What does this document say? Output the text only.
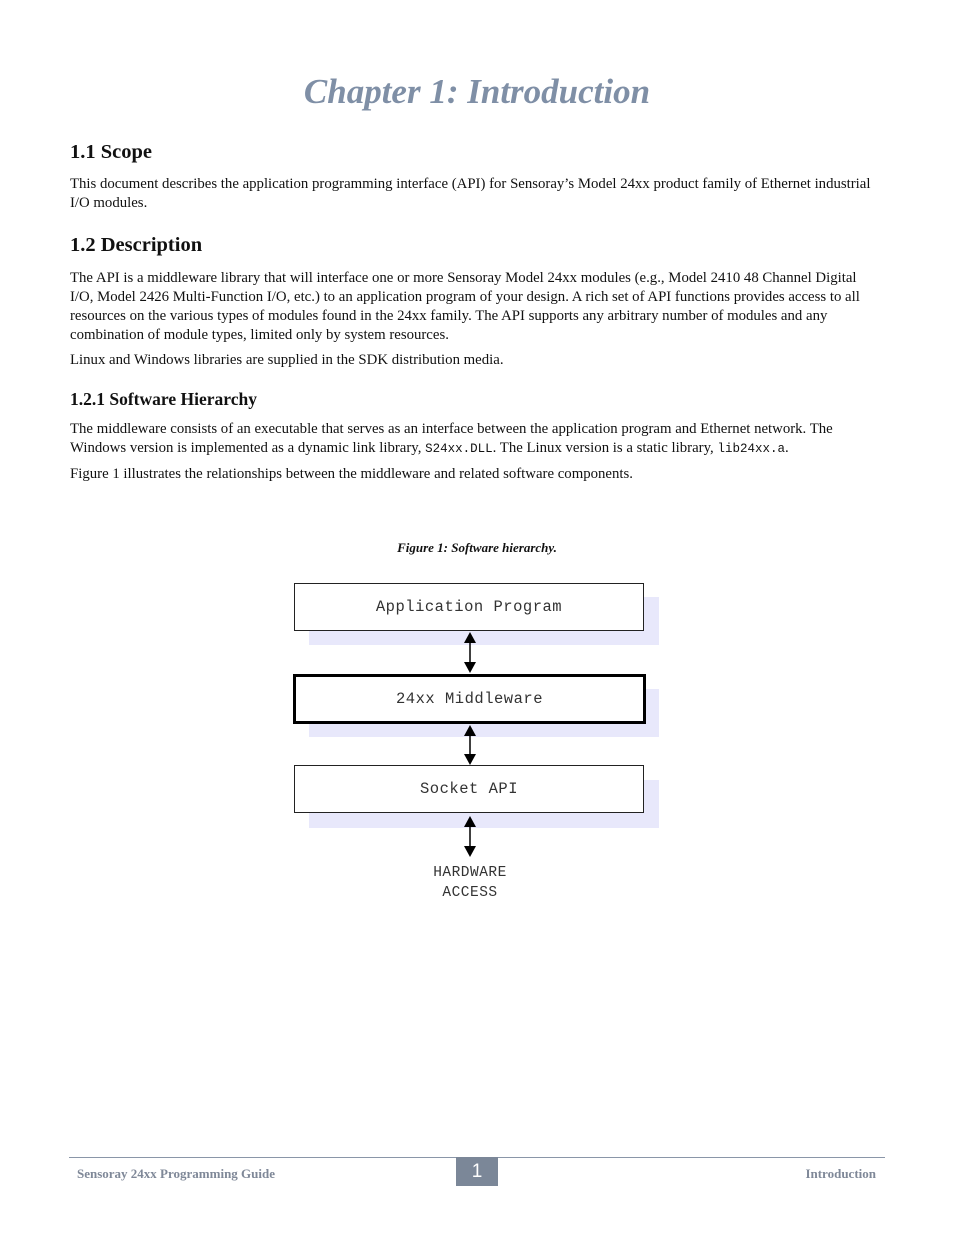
Chapter 1: Introduction
1.1 Scope

This document describes the application programming interface (API) for Sensoray’s Model 24xx product family of Ethernet industrial I/O modules.

1.2 Description

The API is a middleware library that will interface one or more Sensoray Model 24xx modules (e.g., Model 2410 48 Channel Digital I/O, Model 2426 Multi-Function I/O, etc.) to an application program of your design. A rich set of API functions provides access to all resources on the various types of modules found in the 24xx family. The API supports any arbitrary number of modules and any combination of module types, limited only by system resources.

Linux and Windows libraries are supplied in the SDK distribution media.

1.2.1 Software Hierarchy

The middleware consists of an executable that serves as an interface between the application program and Ethernet network. The Windows version is implemented as a dynamic link library, S24xx.DLL. The Linux version is a static library, lib24xx.a.

Figure 1 illustrates the relationships between the middleware and related software components.

Figure 1: Software hierarchy.

Application Program
24xx Middleware
Socket API
HARDWARE
ACCESS
Sensoray 24xx Programming Guide	1	Introduction
